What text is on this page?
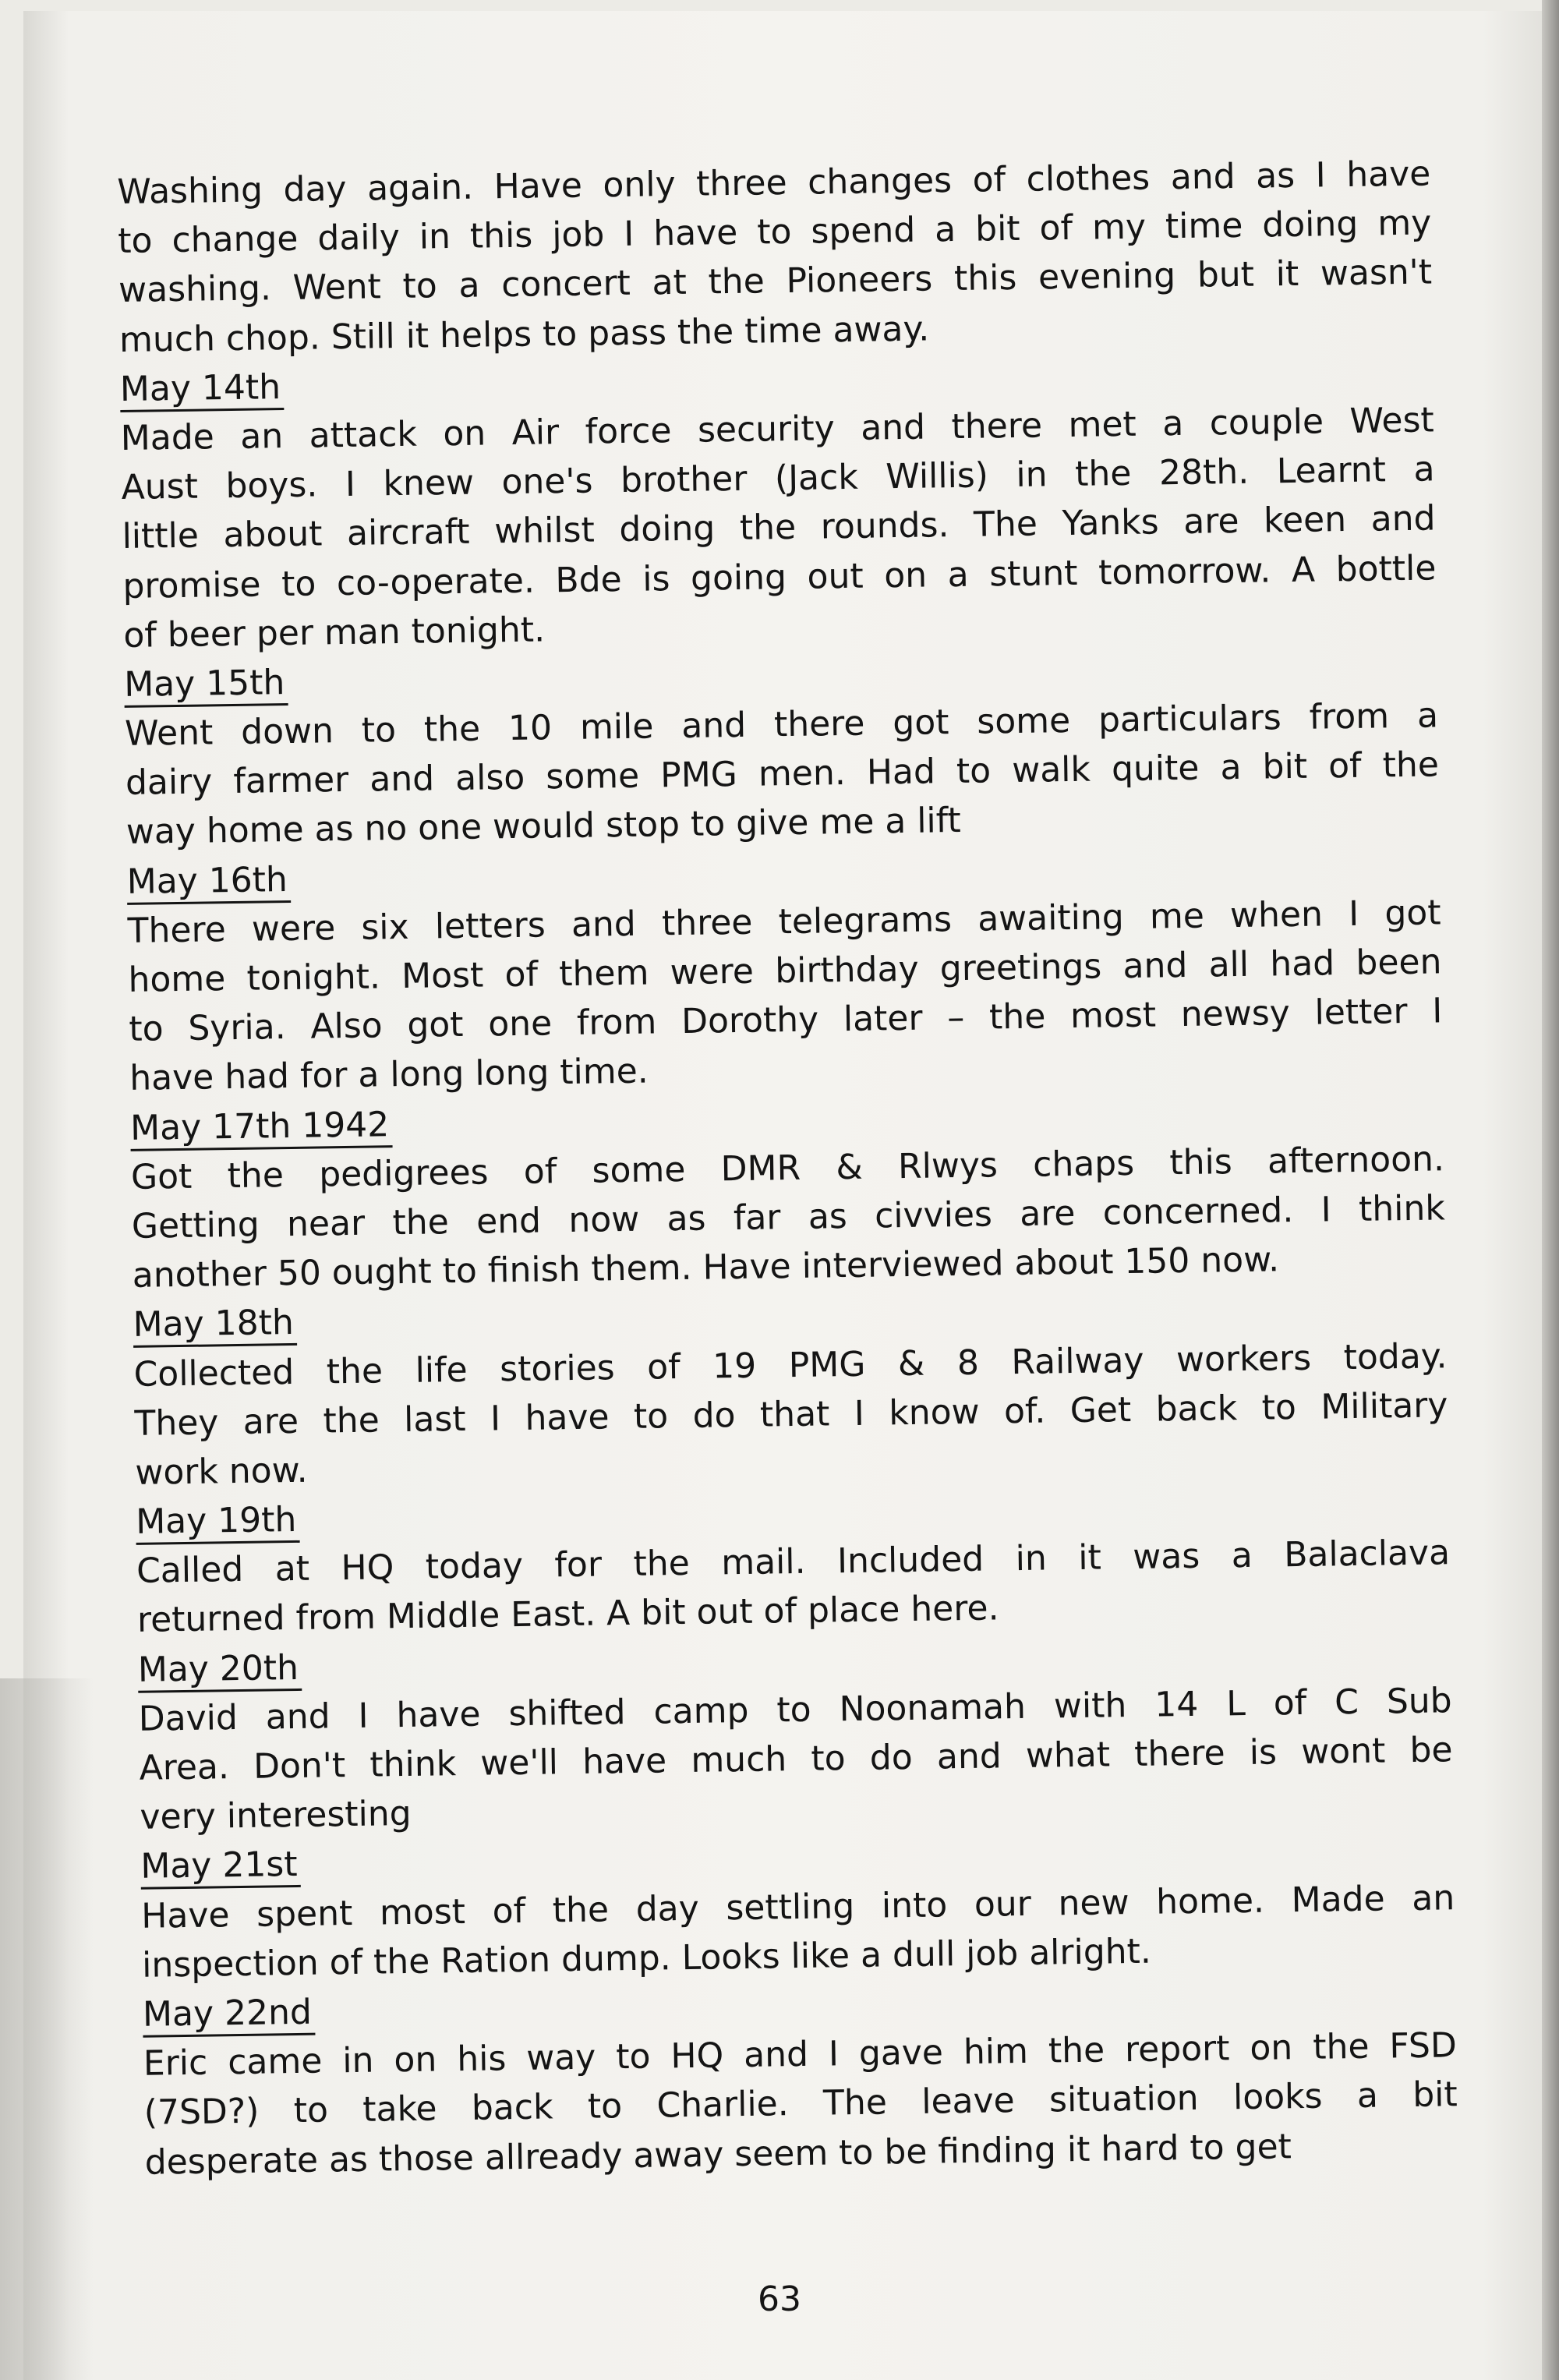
Washing day again. Have only three changes of clothes and as I have
to change daily in this job I have to spend a bit of my time doing my
washing. Went to a concert at the Pioneers this evening but it wasn't
much chop. Still it helps to pass the time away.
May 14th
Made an attack on Air force security and there met a couple West
Aust boys. I knew one's brother (Jack Willis) in the 28th. Learnt a
little about aircraft whilst doing the rounds. The Yanks are keen and
promise to co-operate. Bde is going out on a stunt tomorrow. A bottle
of beer per man tonight.
May 15th
Went down to the 10 mile and there got some particulars from a
dairy farmer and also some PMG men. Had to walk quite a bit of the
way home as no one would stop to give me a lift
May 16th
There were six letters and three telegrams awaiting me when I got
home tonight. Most of them were birthday greetings and all had been
to Syria. Also got one from Dorothy later – the most newsy letter I
have had for a long long time.
May 17th 1942
Got the pedigrees of some DMR & Rlwys chaps this afternoon.
Getting near the end now as far as civvies are concerned. I think
another 50 ought to finish them. Have interviewed about 150 now.
May 18th
Collected the life stories of 19 PMG & 8 Railway workers today.
They are the last I have to do that I know of. Get back to Military
work now.
May 19th
Called at HQ today for the mail. Included in it was a Balaclava
returned from Middle East. A bit out of place here.
May 20th
David and I have shifted camp to Noonamah with 14 L of C Sub
Area. Don't think we'll have much to do and what there is wont be
very interesting
May 21st
Have spent most of the day settling into our new home. Made an
inspection of the Ration dump. Looks like a dull job alright.
May 22nd
Eric came in on his way to HQ and I gave him the report on the FSD
(7SD?) to take back to Charlie. The leave situation looks a bit
desperate as those allready away seem to be finding it hard to get
63
